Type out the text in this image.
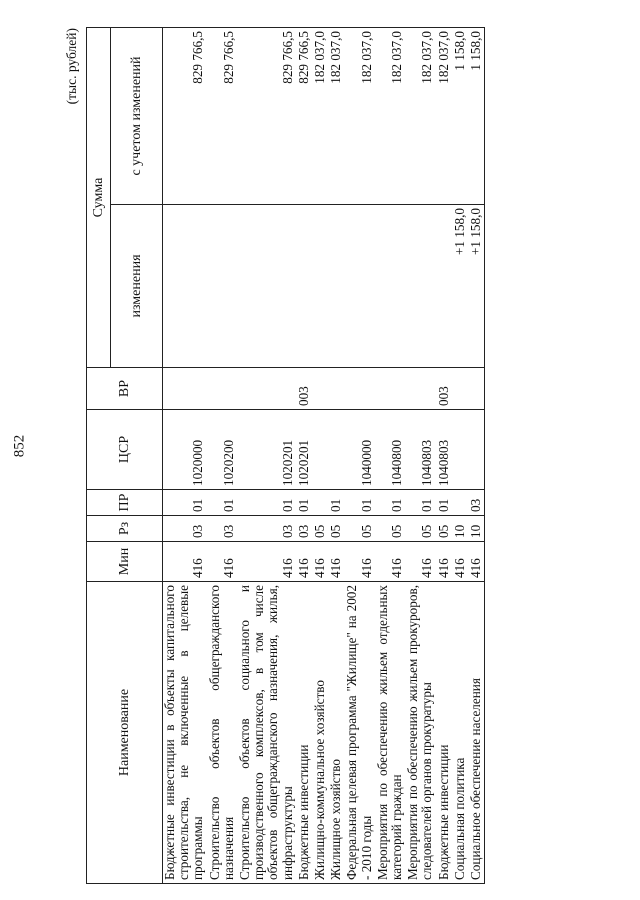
852
(тыс. рублей)
Наименование	Мин	Рз	ПР	ЦСР	ВР	Сумма	
						изменения	с учетом изменений
Бюджетные инвестиции в объекты капитального строительства, не включенные в целевые программы	416	03	01	1020000			829 766,5
Строительство объектов общегражданского назначения	416	03	01	1020200			829 766,5
Строительство объектов социального и производственного комплексов, в том числе объектов общегражданского назначения, жилья, инфраструктуры	416	03	01	1020201			829 766,5
Бюджетные инвестиции	416	03	01	1020201	003		829 766,5
Жилищно-коммунальное хозяйство	416	05					182 037,0
Жилищное хозяйство	416	05	01				182 037,0
Федеральная целевая программа "Жилище" на 2002 - 2010 годы	416	05	01	1040000			182 037,0
Мероприятия по обеспечению жильем отдельных категорий граждан	416	05	01	1040800			182 037,0
Мероприятия по обеспечению жильем прокуроров, следователей органов прокуратуры	416	05	01	1040803			182 037,0
Бюджетные инвестиции	416	05	01	1040803	003		182 037,0
Социальная политика	416	10				+1 158,0	1 158,0
Социальное обеспечение населения	416	10	03			+1 158,0	1 158,0
